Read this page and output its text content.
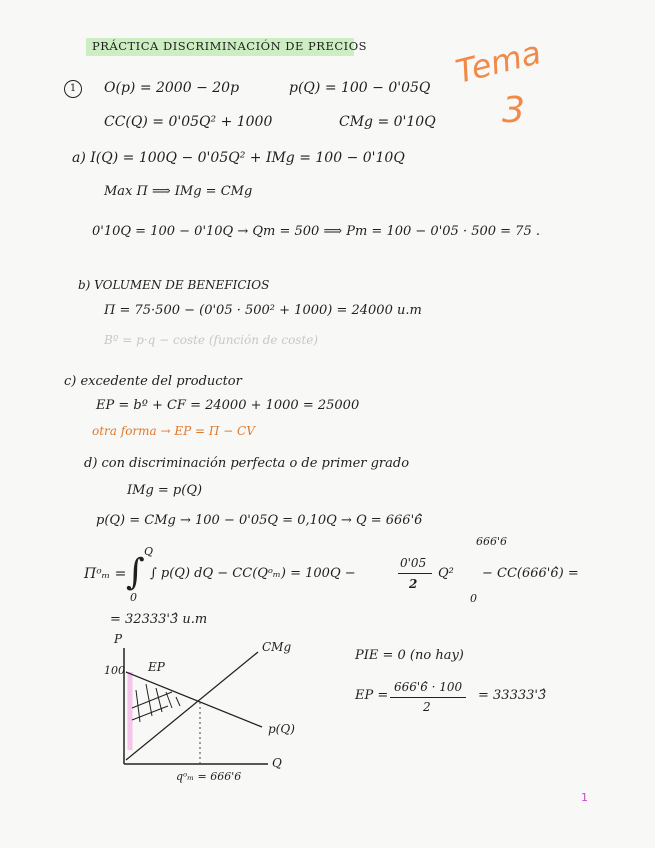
PRÁCTICA DISCRIMINACIÓN DE PRECIOS	Tema
3
1	O(p) = 2000 − 20p	p(Q) = 100 − 0'05Q
CC(Q) = 0'05Q² + 1000	CMg = 0'10Q
a) I(Q) = 100Q − 0'05Q² + IMg = 100 − 0'10Q
Max Π ⟹ IMg = CMg
0'10Q = 100 − 0'10Q → Qm = 500 ⟹ Pm = 100 − 0'05 · 500 = 75 .
b) VOLUMEN DE BENEFICIOS
Π = 75·500 − (0'05 · 500² + 1000) = 24000 u.m
Bº = p·q − coste (función de coste)
c) excedente del productor
EP = bº + CF = 24000 + 1000 = 25000
otra forma → EP = Π − CV
d) con discriminación perfecta o de primer grado
IMg = p(Q)
p(Q) = CMg → 100 − 0'05Q = 0,10Q → Q = 666'6̂
Πᵒₘ = ∫
Q
0
∫ p(Q) dQ − CC(Qᵒₘ) = 100Q −
0'05
2
Q²
666'6
0
− CC(666'6̂) =
= 32333'3̂ u.m
P
100 EP
CMg
p(Q)
Q
qᵒₘ = 666'6
PIE = 0 (no hay)
EP =
666'6̂ · 100
2
= 33333'3̂
1
